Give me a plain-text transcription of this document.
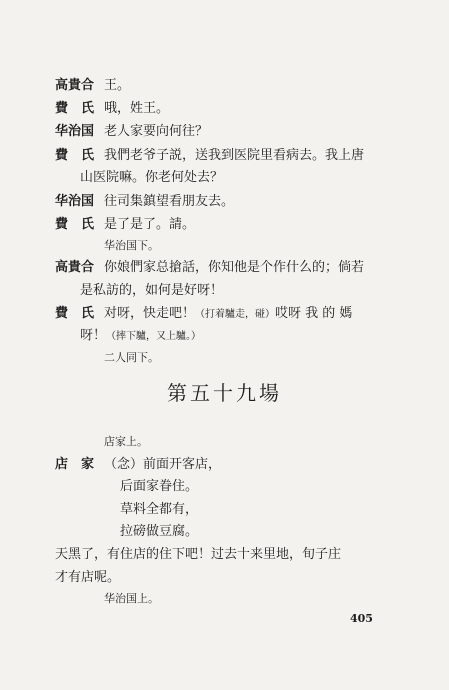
高貴合 王。
費　氏 哦，姓王。
华治国 老人家要向何往？
費　氏 我們老爷子説，送我到医院里看病去。我上唐
山医院嘛。你老何处去？
华治国 往司集鎮望看朋友去。
費　氏 是了是了。請。
华治国下。
高貴合 你娘們家总搶話，你知他是个作什么的；倘若
是私訪的，如何是好呀！
費　氏 对呀，快走吧！（打着驢走，碰）哎呀 我 的 媽
呀！（摔下驢，又上驢。）
二人同下。
第五十九場
店家上。
店　家 （念）前面开客店，
后面家眷住。
草料全都有，
拉磅做豆腐。
天黑了，有住店的住下吧！过去十来里地，旬子庄
才有店呢。
华治国上。
405
